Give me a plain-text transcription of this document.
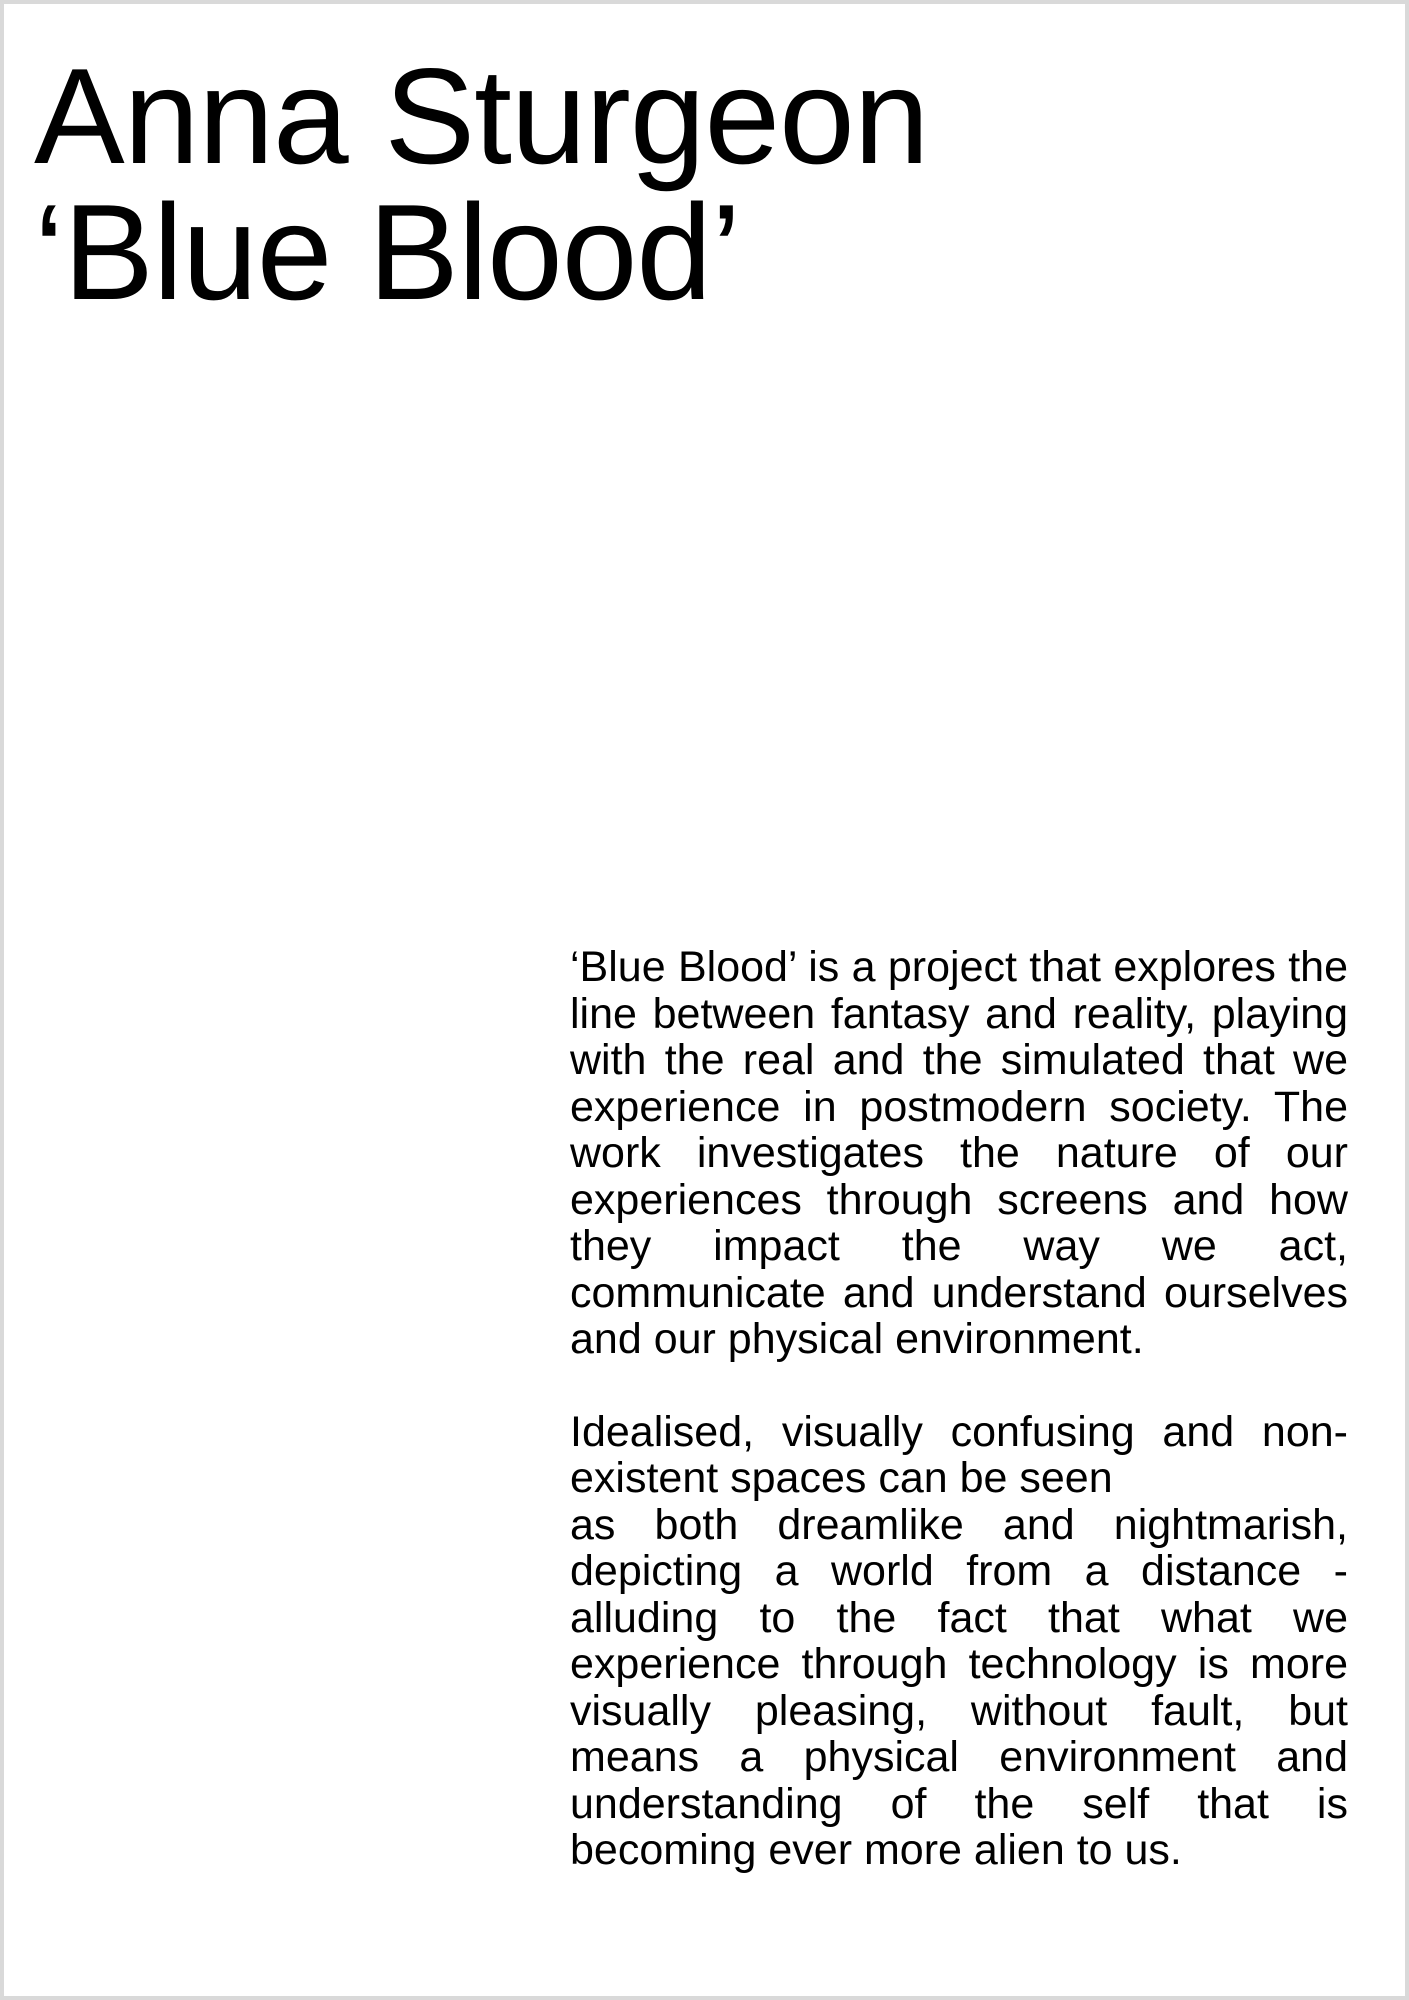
Anna Sturgeon
‘Blue Blood’

‘Blue Blood’ is a project that explores the line between fantasy and reality, playing with the real and the simulated that we experience in postmodern society. The work investigates the nature of our experiences through screens and how they impact the way we act, communicate and understand ourselves and our physical environment.

Idealised, visually confusing and non-existent spaces can be seen
as both dreamlike and nightmarish, depicting a world from a distance - alluding to the fact that what we experience through technology is more visually pleasing, without fault, but means a physical environment and understanding of the self that is becoming ever more alien to us.
